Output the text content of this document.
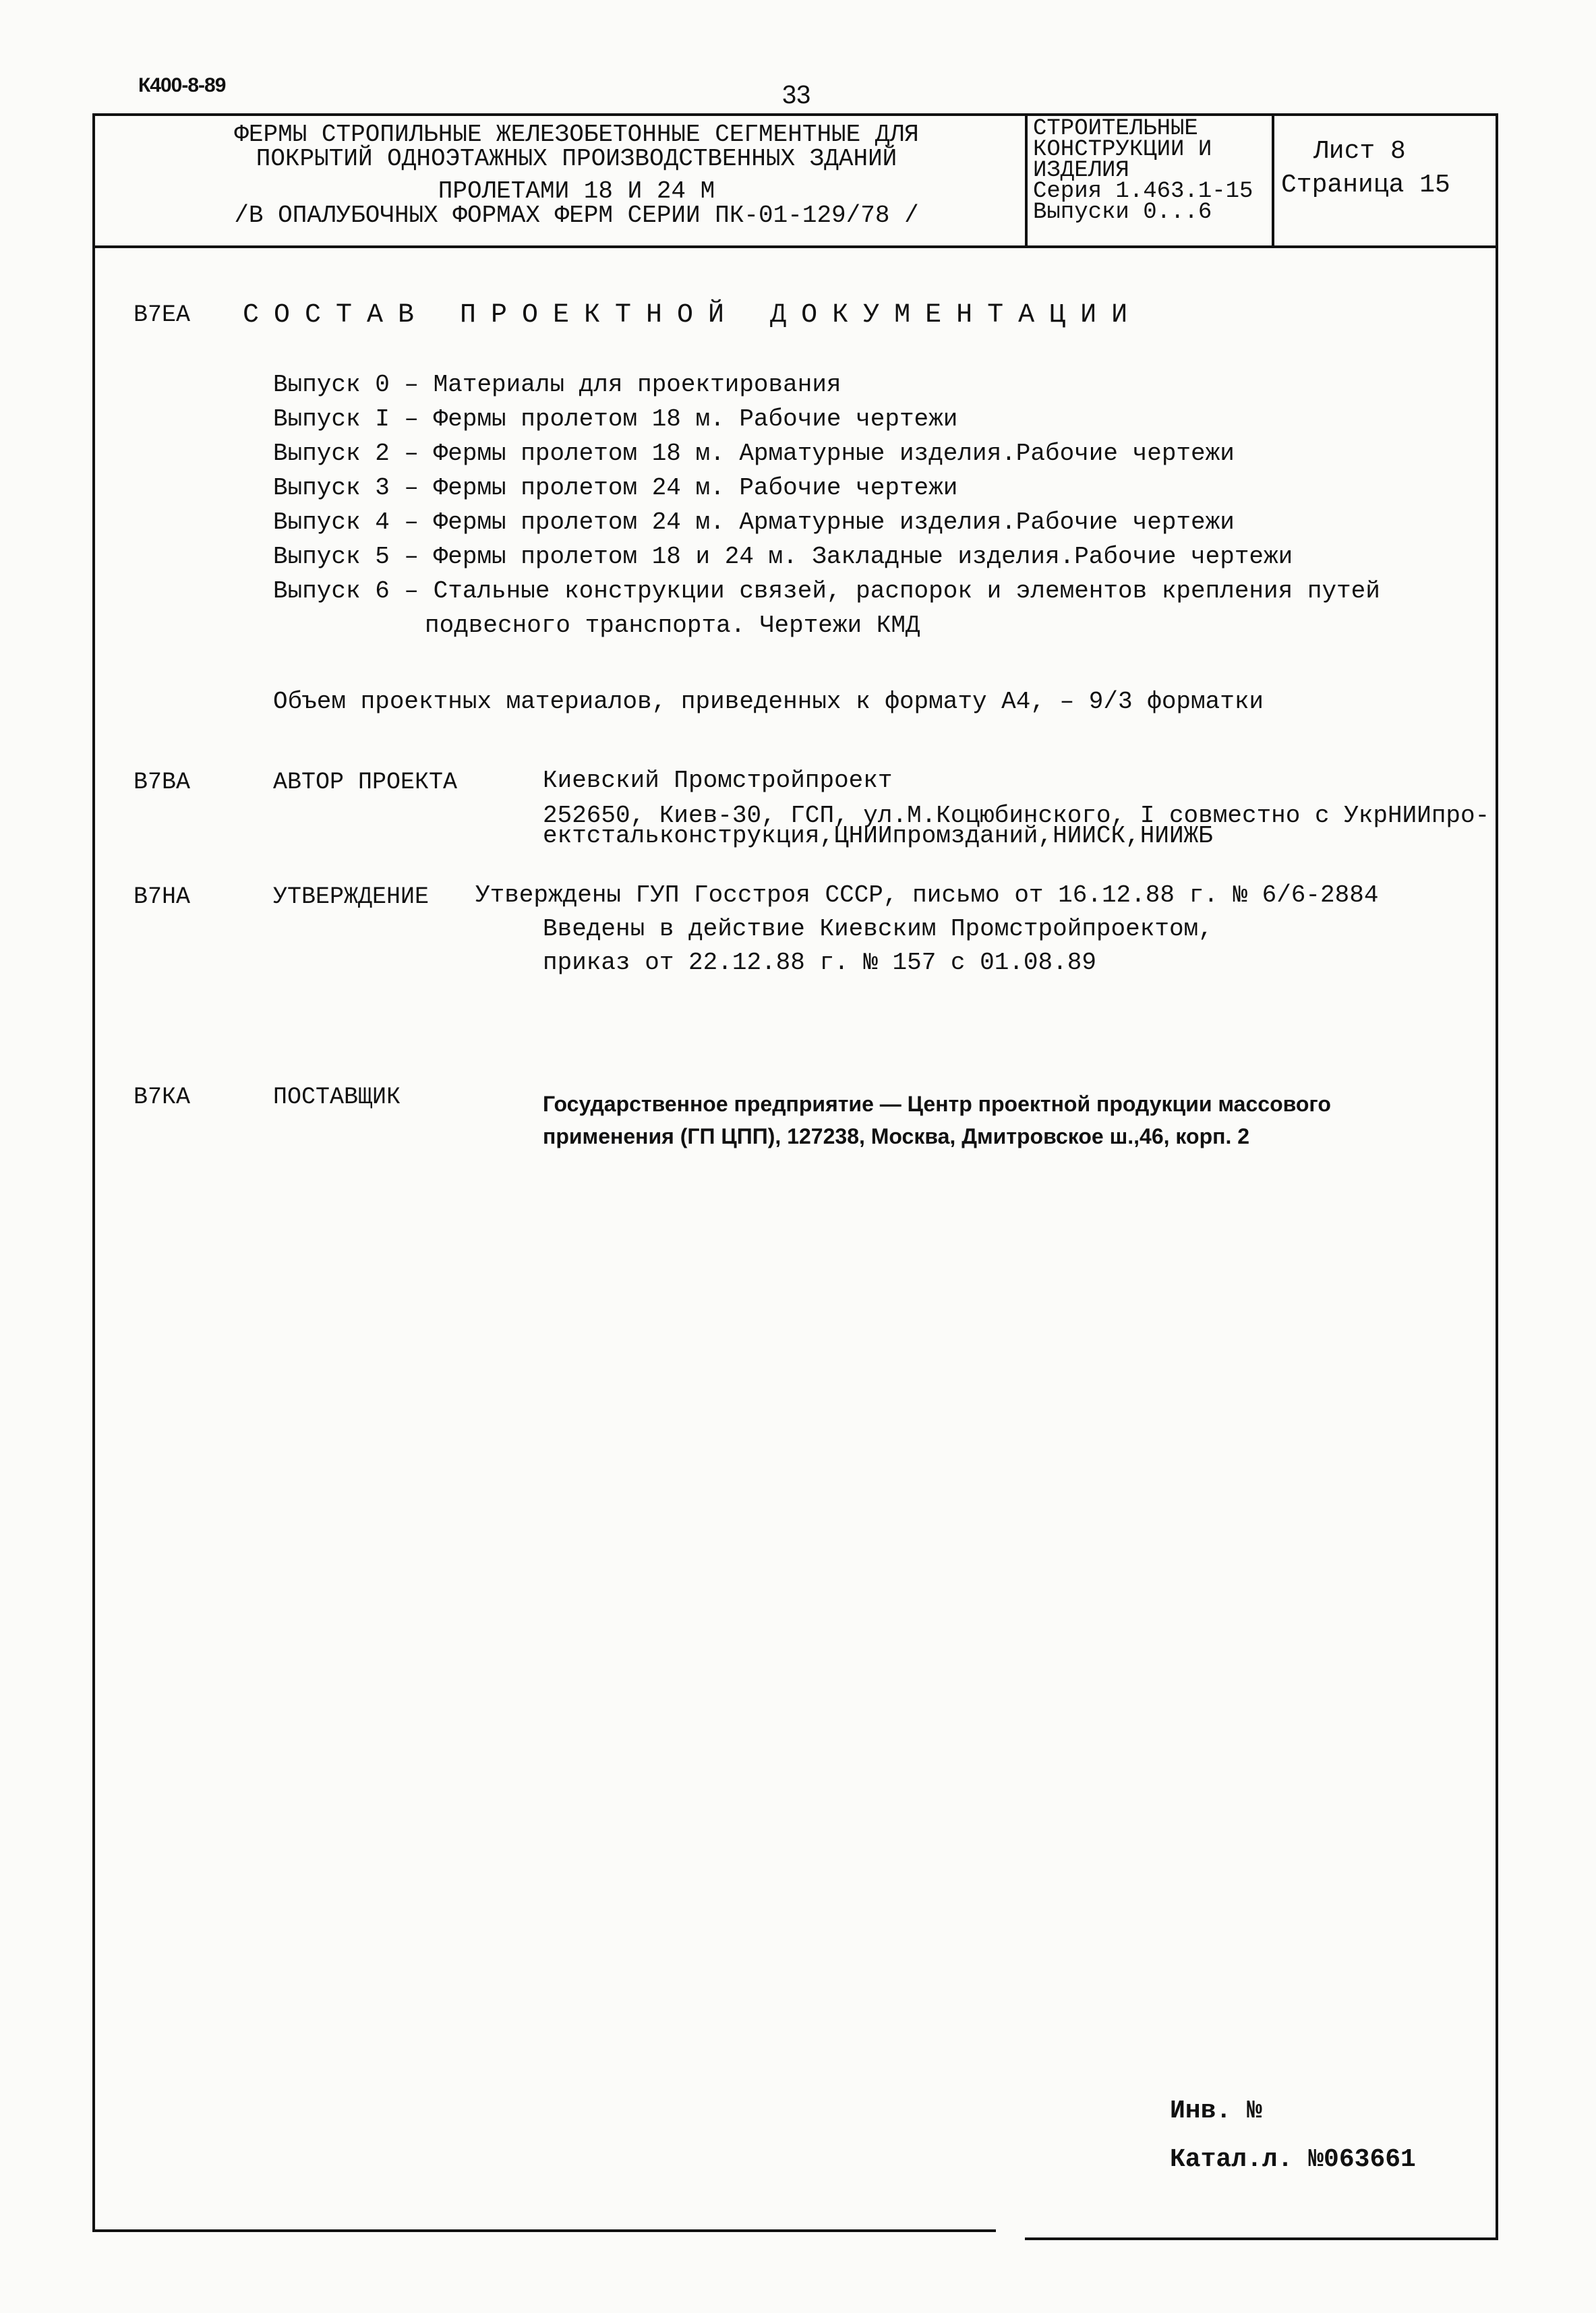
К400-8-89	33
ФЕРМЫ СТРОПИЛЬНЫЕ ЖЕЛЕЗОБЕТОННЫЕ СЕГМЕНТНЫЕ ДЛЯ
ПОКРЫТИЙ ОДНОЭТАЖНЫХ ПРОИЗВОДСТВЕННЫХ ЗДАНИЙ
ПРОЛЕТАМИ 18 И 24 М
/В ОПАЛУБОЧНЫХ ФОРМАХ ФЕРМ СЕРИИ ПК-01-129/78 /
СТРОИТЕЛЬНЫЕ
КОНСТРУКЦИИ И
ИЗДЕЛИЯ
Серия 1.463.1-15
Выпуски 0...6
Лист 8
Страница 15
В7ЕА СОСТАВ ПРОЕКТНОЙ ДОКУМЕНТАЦИИ
Выпуск 0 – Материалы для проектирования
Выпуск I – Фермы пролетом 18 м. Рабочие чертежи
Выпуск 2 – Фермы пролетом 18 м. Арматурные изделия.Рабочие чертежи
Выпуск 3 – Фермы пролетом 24 м. Рабочие чертежи
Выпуск 4 – Фермы пролетом 24 м. Арматурные изделия.Рабочие чертежи
Выпуск 5 – Фермы пролетом 18 и 24 м. Закладные изделия.Рабочие чертежи
Выпуск 6 – Стальные конструкции связей, распорок и элементов крепления путей
подвесного транспорта. Чертежи КМД
Объем проектных материалов, приведенных к формату А4, – 9/3 форматки
В7ВА	АВТОР ПРОЕКТА	Киевский Промстройпроект
252650, Киев-30, ГСП, ул.М.Коцюбинского, I совместно с УкрНИИпро-
ектстальконструкция,ЦНИИпромзданий,НИИСК,НИИЖБ
В7НА	УТВЕРЖДЕНИЕ Утверждены ГУП Госстроя СССР, письмо от 16.12.88 г. № 6/6-2884
Введены в действие Киевским Промстройпроектом,
приказ от 22.12.88 г. № 157 с 01.08.89
В7КА	ПОСТАВЩИК	Государственное предприятие — Центр проектной продукции массового
применения (ГП ЦПП), 127238, Москва, Дмитровское ш.,46, корп. 2
Инв. №
Катал.л. №063661
